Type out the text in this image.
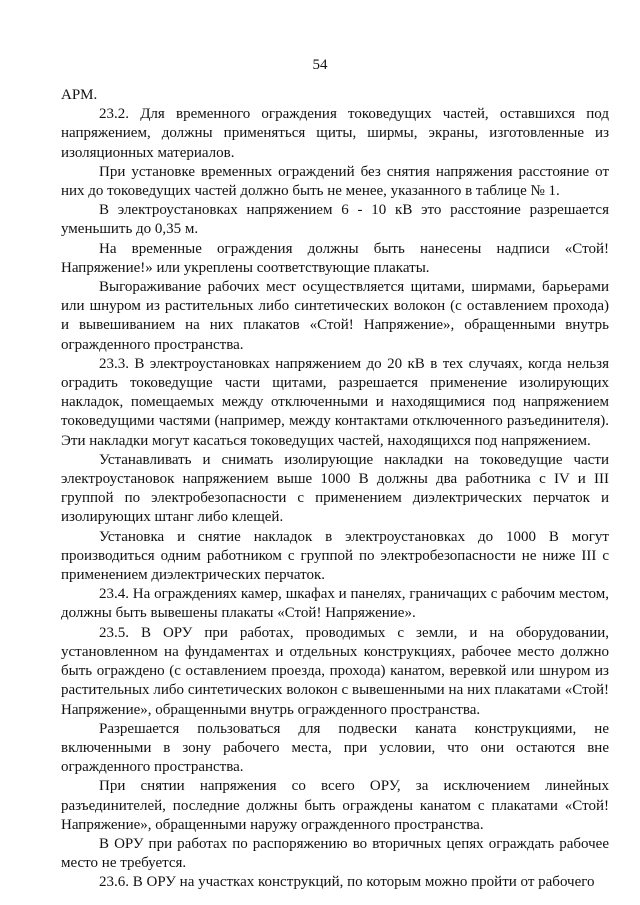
54

АРМ.

23.2. Для временного ограждения токоведущих частей, оставшихся под напряжением, должны применяться щиты, ширмы, экраны, изготовленные из изоляционных материалов.

При установке временных ограждений без снятия напряжения расстояние от них до токоведущих частей должно быть не менее, указанного в таблице № 1.

В электроустановках напряжением 6 - 10 кВ это расстояние разрешается уменьшить до 0,35 м.

На временные ограждения должны быть нанесены надписи «Стой! Напряжение!» или укреплены соответствующие плакаты.

Выгораживание рабочих мест осуществляется щитами, ширмами, барьерами или шнуром из растительных либо синтетических волокон (с оставлением прохода) и вывешиванием на них плакатов «Стой! Напряжение», обращенными внутрь огражденного пространства.

23.3. В электроустановках напряжением до 20 кВ в тех случаях, когда нельзя оградить токоведущие части щитами, разрешается применение изолирующих накладок, помещаемых между отключенными и находящимися под напряжением токоведущими частями (например, между контактами отключенного разъединителя). Эти накладки могут касаться токоведущих частей, находящихся под напряжением.

Устанавливать и снимать изолирующие накладки на токоведущие части электроустановок напряжением выше 1000 В должны два работника с IV и III группой по электробезопасности с применением диэлектрических перчаток и изолирующих штанг либо клещей.

Установка и снятие накладок в электроустановках до 1000 В могут производиться одним работником с группой по электробезопасности не ниже III с применением диэлектрических перчаток.

23.4. На ограждениях камер, шкафах и панелях, граничащих с рабочим местом, должны быть вывешены плакаты «Стой! Напряжение».

23.5. В ОРУ при работах, проводимых с земли, и на оборудовании, установленном на фундаментах и отдельных конструкциях, рабочее место должно быть ограждено (с оставлением проезда, прохода) канатом, веревкой или шнуром из растительных либо синтетических волокон с вывешенными на них плакатами «Стой! Напряжение», обращенными внутрь огражденного пространства.

Разрешается пользоваться для подвески каната конструкциями, не включенными в зону рабочего места, при условии, что они остаются вне огражденного пространства.

При снятии напряжения со всего ОРУ, за исключением линейных разъединителей, последние должны быть ограждены канатом с плакатами «Стой! Напряжение», обращенными наружу огражденного пространства.

В ОРУ при работах по распоряжению во вторичных цепях ограждать рабочее место не требуется.

23.6. В ОРУ на участках конструкций, по которым можно пройти от рабочего
